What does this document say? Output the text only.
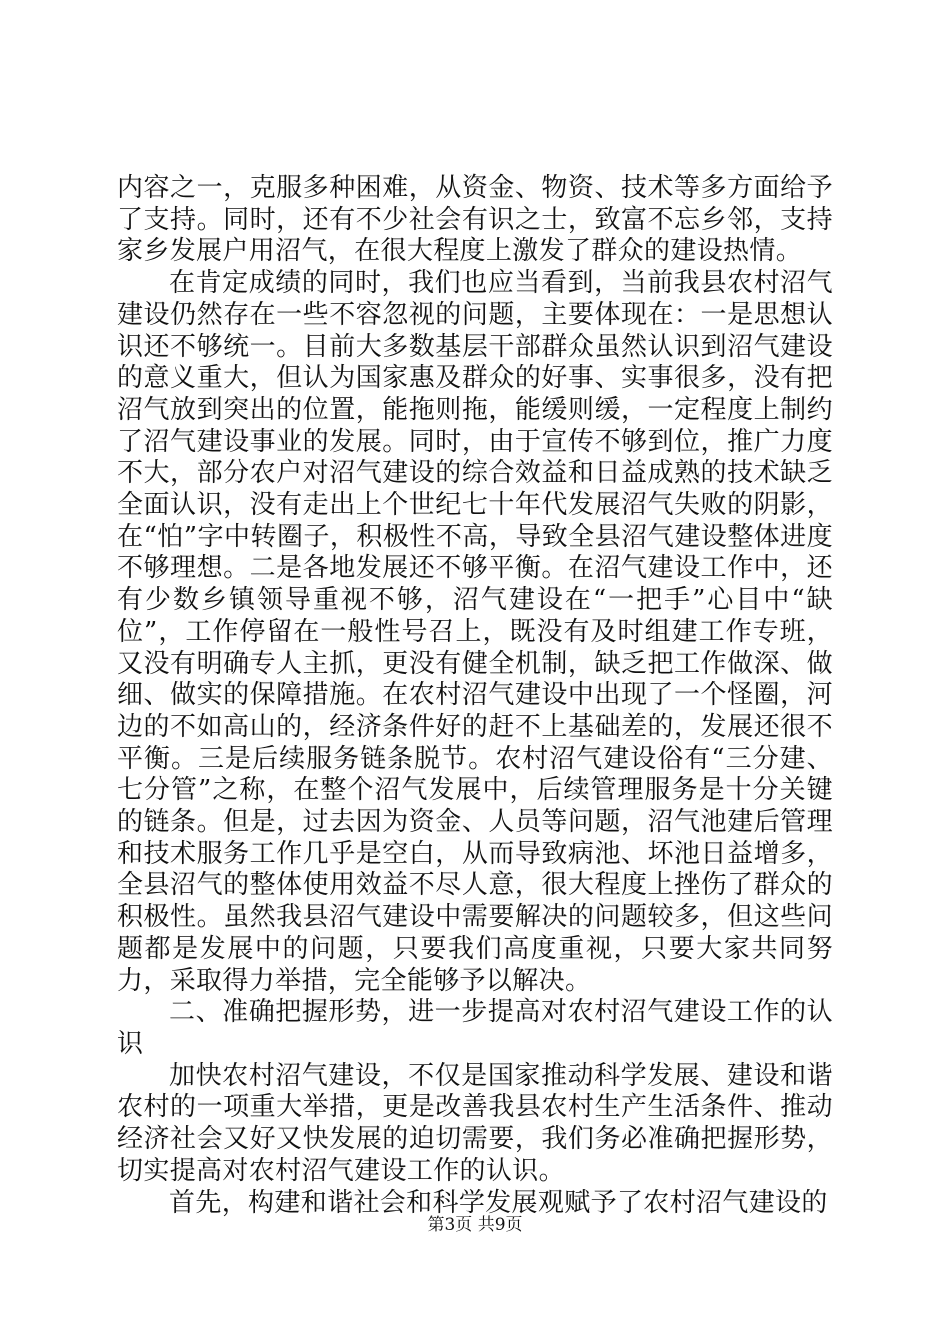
内容之一，克服多种困难，从资金、物资、技术等多方面给予了支持。同时，还有不少社会有识之士，致富不忘乡邻，支持家乡发展户用沼气，在很大程度上激发了群众的建设热情。

在肯定成绩的同时，我们也应当看到，当前我县农村沼气建设仍然存在一些不容忽视的问题，主要体现在：一是思想认识还不够统一。目前大多数基层干部群众虽然认识到沼气建设的意义重大，但认为国家惠及群众的好事、实事很多，没有把沼气放到突出的位置，能拖则拖，能缓则缓，一定程度上制约了沼气建设事业的发展。同时，由于宣传不够到位，推广力度不大，部分农户对沼气建设的综合效益和日益成熟的技术缺乏全面认识，没有走出上个世纪七十年代发展沼气失败的阴影，在“怕”字中转圈子，积极性不高，导致全县沼气建设整体进度不够理想。二是各地发展还不够平衡。在沼气建设工作中，还有少数乡镇领导重视不够，沼气建设在“一把手”心目中“缺位”，工作停留在一般性号召上，既没有及时组建工作专班，又没有明确专人主抓，更没有健全机制，缺乏把工作做深、做细、做实的保障措施。在农村沼气建设中出现了一个怪圈，河边的不如高山的，经济条件好的赶不上基础差的，发展还很不平衡。三是后续服务链条脱节。农村沼气建设俗有“三分建、七分管”之称，在整个沼气发展中，后续管理服务是十分关键的链条。但是，过去因为资金、人员等问题，沼气池建后管理和技术服务工作几乎是空白，从而导致病池、坏池日益增多，全县沼气的整体使用效益不尽人意，很大程度上挫伤了群众的积极性。虽然我县沼气建设中需要解决的问题较多，但这些问题都是发展中的问题，只要我们高度重视，只要大家共同努力，采取得力举措，完全能够予以解决。

二、准确把握形势，进一步提高对农村沼气建设工作的认识

加快农村沼气建设，不仅是国家推动科学发展、建设和谐农村的一项重大举措，更是改善我县农村生产生活条件、推动经济社会又好又快发展的迫切需要，我们务必准确把握形势，切实提高对农村沼气建设工作的认识。

首先，构建和谐社会和科学发展观赋予了农村沼气建设的

第3页 共9页
